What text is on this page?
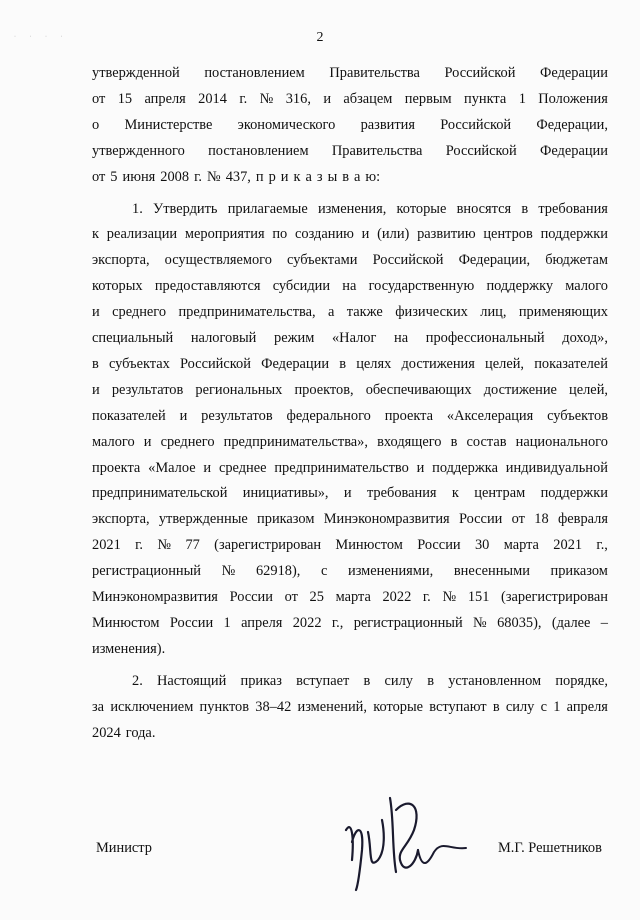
· · · ·	2
утвержденной постановлением Правительства Российской Федерации
от 15 апреля 2014 г. № 316, и абзацем первым пункта 1 Положения
о Министерстве экономического развития Российской Федерации,
утвержденного постановлением Правительства Российской Федерации
от 5 июня 2008 г. № 437, п р и к а з ы в а ю:
1. Утвердить прилагаемые изменения, которые вносятся в требования
к реализации мероприятия по созданию и (или) развитию центров поддержки
экспорта, осуществляемого субъектами Российской Федерации, бюджетам
которых предоставляются субсидии на государственную поддержку малого
и среднего предпринимательства, а также физических лиц, применяющих
специальный налоговый режим «Налог на профессиональный доход»,
в субъектах Российской Федерации в целях достижения целей, показателей
и результатов региональных проектов, обеспечивающих достижение целей,
показателей и результатов федерального проекта «Акселерация субъектов
малого и среднего предпринимательства», входящего в состав национального
проекта «Малое и среднее предпринимательство и поддержка индивидуальной
предпринимательской инициативы», и требования к центрам поддержки
экспорта, утвержденные приказом Минэкономразвития России от 18 февраля
2021 г. № 77 (зарегистрирован Минюстом России 30 марта 2021 г.,
регистрационный № 62918), с изменениями, внесенными приказом
Минэкономразвития России от 25 марта 2022 г. № 151 (зарегистрирован
Минюстом России 1 апреля 2022 г., регистрационный № 68035), (далее –
изменения).
2. Настоящий приказ вступает в силу в установленном порядке,
за исключением пунктов 38–42 изменений, которые вступают в силу с 1 апреля
2024 года.
Министр	М.Г. Решетников
